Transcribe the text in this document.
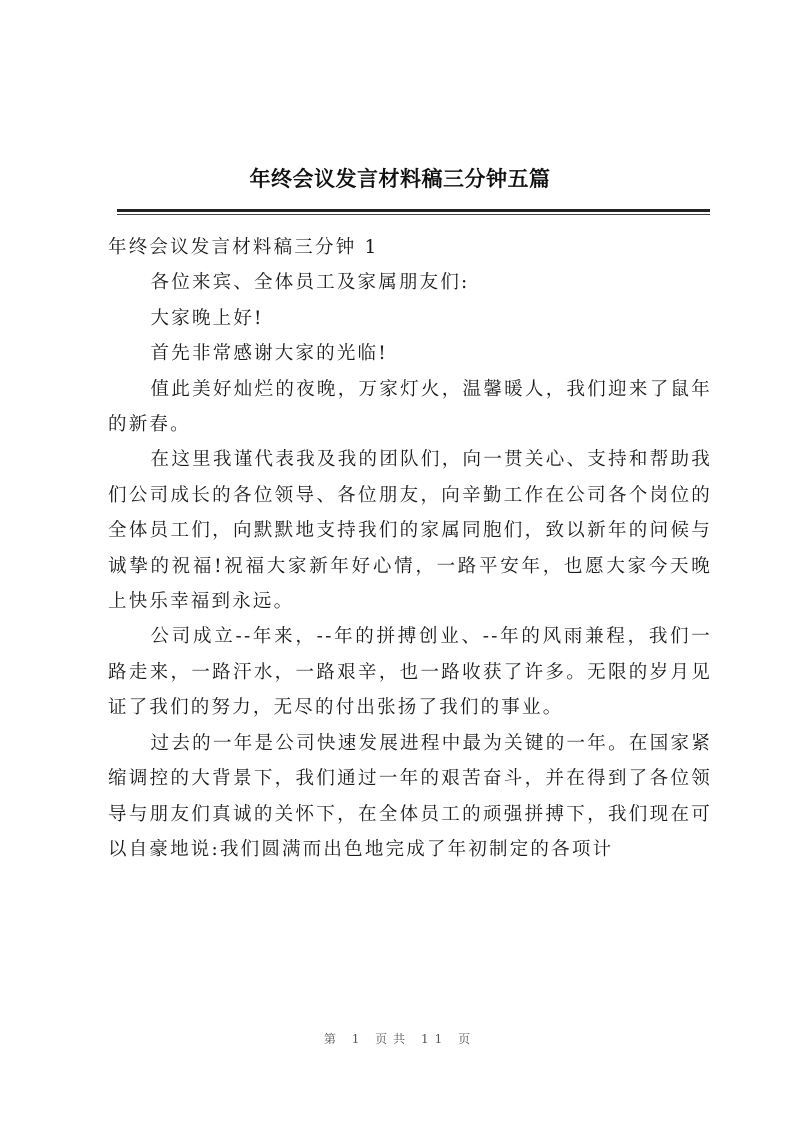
年终会议发言材料稿三分钟五篇

年终会议发言材料稿三分钟 1

各位来宾、全体员工及家属朋友们:

大家晚上好!

首先非常感谢大家的光临!

值此美好灿烂的夜晚，万家灯火，温馨暖人，我们迎来了鼠年的新春。

在这里我谨代表我及我的团队们，向一贯关心、支持和帮助我们公司成长的各位领导、各位朋友，向辛勤工作在公司各个岗位的全体员工们，向默默地支持我们的家属同胞们，致以新年的问候与诚挚的祝福!祝福大家新年好心情，一路平安年，也愿大家今天晚上快乐幸福到永远。

公司成立--年来，--年的拼搏创业、--年的风雨兼程，我们一路走来，一路汗水，一路艰辛，也一路收获了许多。无限的岁月见证了我们的努力，无尽的付出张扬了我们的事业。

过去的一年是公司快速发展进程中最为关键的一年。在国家紧缩调控的大背景下，我们通过一年的艰苦奋斗，并在得到了各位领导与朋友们真诚的关怀下，在全体员工的顽强拼搏下，我们现在可以自豪地说:我们圆满而出色地完成了年初制定的各项计

第 1 页共 11 页
